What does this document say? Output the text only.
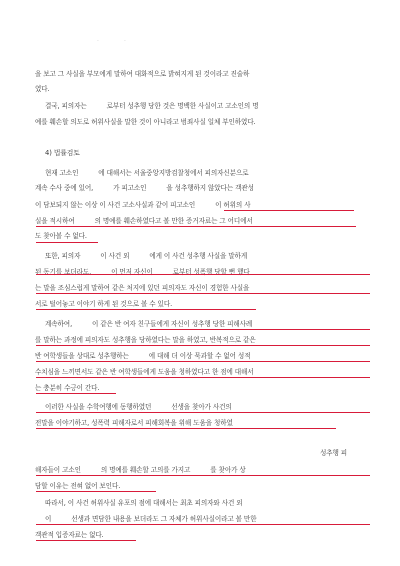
·	·
을 보고 그 사실을 부모에게 말하여 대화적으로 밝혀지게 된 것이라고 진술하
였다.
결국, 피의자는          로부터 성추행 당한 것은 명백한 사실이고 고소인의 명
예를 훼손할 의도로 허위사실을 말한 것이 아니라고 범죄사실 일체 부인하였다.
4) 법률검토
현재 고소인          에 대해서는 서울중앙지방검찰청에서 피의자신분으로
계속 수사 중에 있어,          가 피고소인          을 성추행하지 않았다는 객관성
이 담보되지 않는 이상 이 사건 고소사실과 같이 피고소인          이 허위의 사
실을 적시하여          의 명예를 훼손하였다고 볼 만한 증거자료는 그 어디에서
도 찾아볼 수 없다.
또한, 피의자          이 사건 외          에게 이 사건 성추행 사실을 말하게
된 동기를 보더라도,          이 먼저 자신이          로부터 성폭행 당할 뻔 했다
는 말을 조심스럽게 말하여 같은 처지에 있던 피의자도 자신이 경험한 사실을
서로 털어놓고 이야기 하게 된 것으로 볼 수 있다.
계속하여,          이 같은 반 여자 친구들에게 자신이 성추행 당한 피해사례
를 말하는 과정에 피의자도 성추행을 당하였다는 말을 하였고, 반복적으로 같은
반 여학생들을 상대로 성추행하는          에 대해 더 이상 묵과할 수 없어 성적
수치심을 느끼면서도 같은 반 여학생들에게 도움을 청하였다고 한 점에 대해서
는 충분히 수긍이 간다.
이러한 사실을 수학여행에 동행하였던          선생을 찾아가 사건의
전말을 이야기하고, 성폭력 피해자로서 피해회복을 위해 도움을 청하였
성추행 피
해자들이 고소인          의 명예를 훼손할 고의를 가지고          를 찾아가 상
담할 이유는 전혀 없어 보인다.
따라서, 이 사건 허위사실 유포의 점에 대해서는 최초 피의자와 사건 외
이          선생과 면담한 내용을 보더라도 그 자체가 허위사실이라고 볼 만한
객관적 입증자료는 없다.
